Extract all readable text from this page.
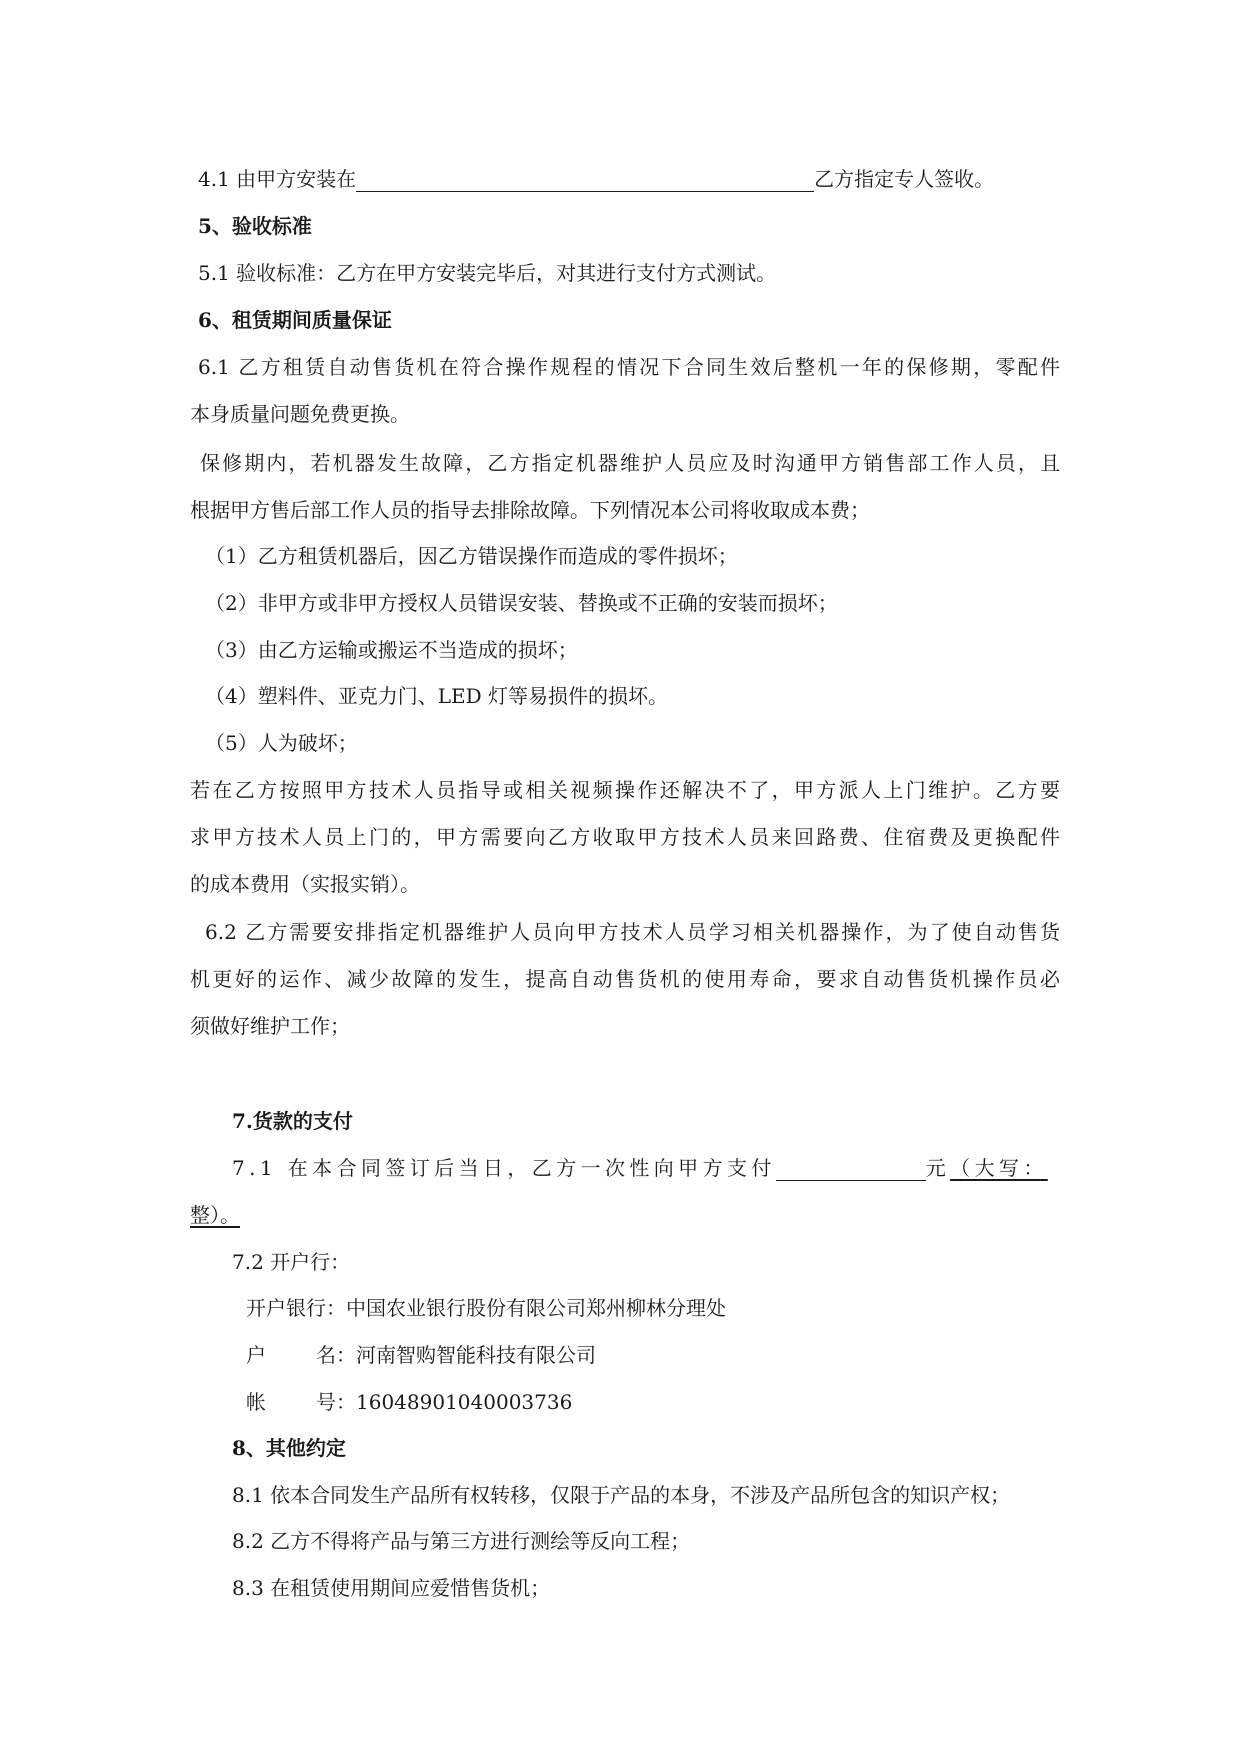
4.1 由甲方安装在	乙方指定专人签收。
5、验收标准
5.1 验收标准：乙方在甲方安装完毕后，对其进行支付方式测试。
6、租赁期间质量保证
6.1 乙方租赁自动售货机在符合操作规程的情况下合同生效后整机一年的保修期，零配件
本身质量问题免费更换。
保修期内，若机器发生故障，乙方指定机器维护人员应及时沟通甲方销售部工作人员，且
根据甲方售后部工作人员的指导去排除故障。下列情况本公司将收取成本费；
（1）乙方租赁机器后，因乙方错误操作而造成的零件损坏；
（2）非甲方或非甲方授权人员错误安装、替换或不正确的安装而损坏；
（3）由乙方运输或搬运不当造成的损坏；
（4）塑料件、亚克力门、LED 灯等易损件的损坏。
（5）人为破坏；
若在乙方按照甲方技术人员指导或相关视频操作还解决不了，甲方派人上门维护。乙方要
求甲方技术人员上门的，甲方需要向乙方收取甲方技术人员来回路费、住宿费及更换配件
的成本费用（实报实销）。
6.2 乙方需要安排指定机器维护人员向甲方技术人员学习相关机器操作，为了使自动售货
机更好的运作、减少故障的发生，提高自动售货机的使用寿命，要求自动售货机操作员必
须做好维护工作；
7.货款的支付
7.1 在本合同签订后当日，乙方一次性向甲方支付	元（大写：
整）。
7.2 开户行：
开户银行：中国农业银行股份有限公司郑州柳林分理处
户	名：河南智购智能科技有限公司
帐	号：16048901040003736
8、其他约定
8.1 依本合同发生产品所有权转移，仅限于产品的本身，不涉及产品所包含的知识产权；
8.2 乙方不得将产品与第三方进行测绘等反向工程；
8.3 在租赁使用期间应爱惜售货机；
